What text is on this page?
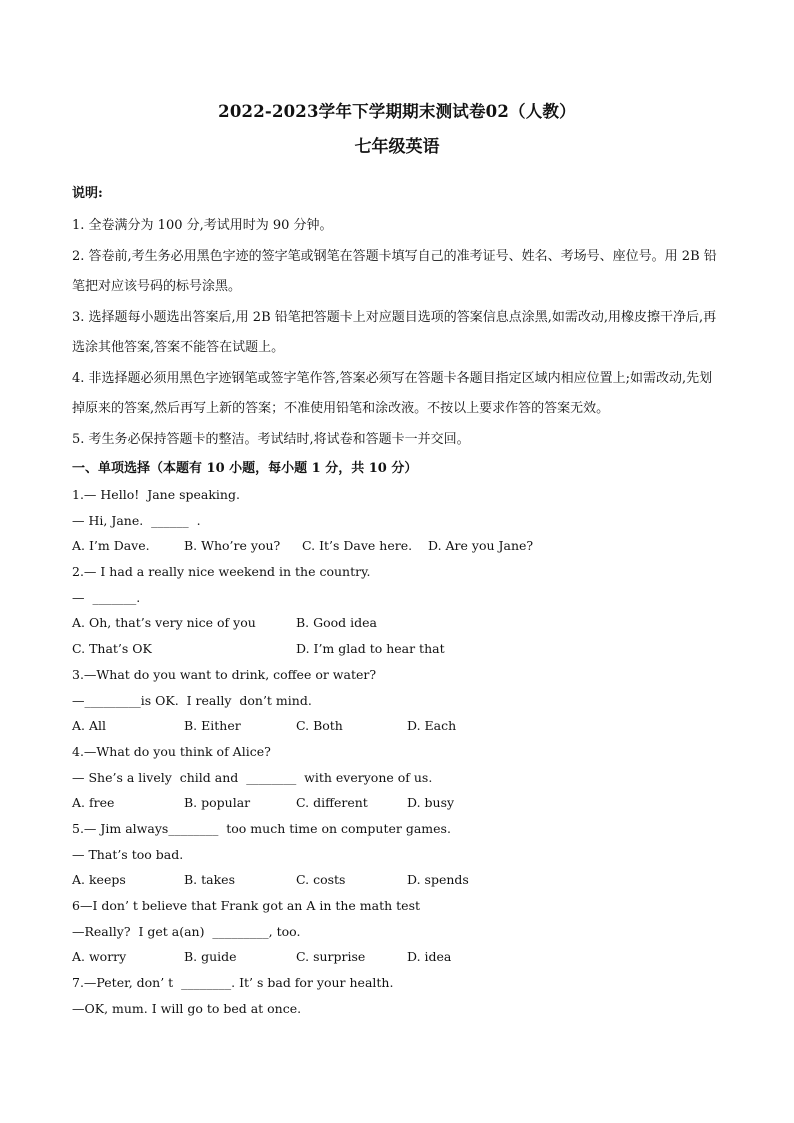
2022-2023学年下学期期末测试卷02（人教）
七年级英语
说明:
1. 全卷满分为 100 分,考试用时为 90 分钟。
2. 答卷前,考生务必用黑色字迹的签字笔或钢笔在答题卡填写自己的准考证号、姓名、考场号、座位号。用 2B 铅笔把对应该号码的标号涂黑。
3. 选择题每小题选出答案后,用 2B 铅笔把答题卡上对应题目选项的答案信息点涂黑,如需改动,用橡皮擦干净后,再选涂其他答案,答案不能答在试题上。
4. 非选择题必须用黑色字迹钢笔或签字笔作答,答案必须写在答题卡各题目指定区域内相应位置上;如需改动,先划掉原来的答案,然后再写上新的答案；不准使用铅笔和涂改液。不按以上要求作答的答案无效。
5. 考生务必保持答题卡的整洁。考试结时,将试卷和答题卡一并交回。
一、单项选择（本题有 10 小题，每小题 1 分，共 10 分）
1.— Hello!  Jane speaking.
— Hi, Jane.  ______  .
A. I’m Dave.	B. Who’re you? C. It’s Dave here. D. Are you Jane?
2.— I had a really nice weekend in the country.
—  _______.
A. Oh, that’s very nice of you	B. Good idea
C. That’s OK	D. I’m glad to hear that
3.—What do you want to drink, coffee or water?
—_________is OK.  I really  don’t mind.
A. All	B. Either	C. Both	D. Each
4.—What do you think of Alice?
— She’s a lively  child and  ________  with everyone of us.
A. free	B. popular	C. different	D. busy
5.— Jim always________  too much time on computer games.
— That’s too bad.
A. keeps	B. takes	C. costs	D. spends
6—I don’ t believe that Frank got an A in the math test
—Really?  I get a(an)  _________, too.
A. worry	B. guide	C. surprise	D. idea
7.—Peter, don’ t  ________. It’ s bad for your health.
—OK, mum. I will go to bed at once.
